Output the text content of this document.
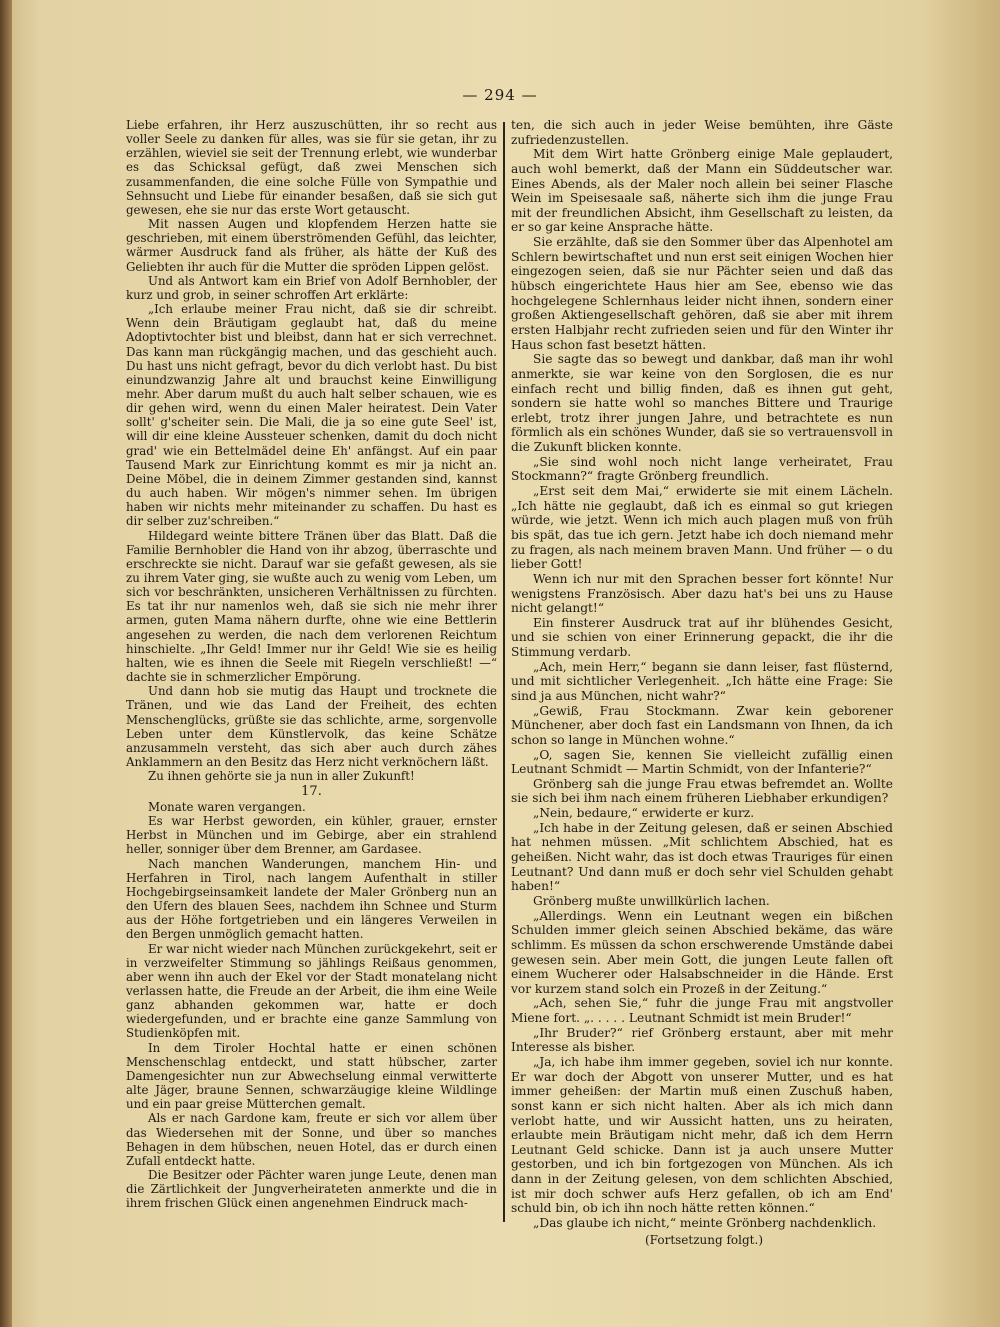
— 294 —

Liebe erfahren, ihr Herz auszuschütten, ihr so recht aus voller Seele zu danken für alles, was sie für sie getan, ihr zu erzählen, wieviel sie seit der Trennung erlebt, wie wunderbar es das Schicksal gefügt, daß zwei Menschen sich zusammenfanden, die eine solche Fülle von Sympathie und Sehnsucht und Liebe für einander besaßen, daß sie sich gut gewesen, ehe sie nur das erste Wort getauscht.

Mit nassen Augen und klopfendem Herzen hatte sie geschrieben, mit einem überströmenden Gefühl, das leichter, wärmer Ausdruck fand als früher, als hätte der Kuß des Geliebten ihr auch für die Mutter die spröden Lippen gelöst.

Und als Antwort kam ein Brief von Adolf Bernhobler, der kurz und grob, in seiner schroffen Art erklärte:

„Ich erlaube meiner Frau nicht, daß sie dir schreibt. Wenn dein Bräutigam geglaubt hat, daß du meine Adoptivtochter bist und bleibst, dann hat er sich verrechnet. Das kann man rückgängig machen, und das geschieht auch. Du hast uns nicht gefragt, bevor du dich verlobt hast. Du bist einundzwanzig Jahre alt und brauchst keine Einwilligung mehr. Aber darum mußt du auch halt selber schauen, wie es dir gehen wird, wenn du einen Maler heiratest. Dein Vater sollt' g'scheiter sein. Die Mali, die ja so eine gute Seel' ist, will dir eine kleine Aussteuer schenken, damit du doch nicht grad' wie ein Bettelmädel deine Eh' anfängst. Auf ein paar Tausend Mark zur Einrichtung kommt es mir ja nicht an. Deine Möbel, die in deinem Zimmer gestanden sind, kannst du auch haben. Wir mögen's nimmer sehen. Im übrigen haben wir nichts mehr miteinander zu schaffen. Du hast es dir selber zuz'schreiben.“

Hildegard weinte bittere Tränen über das Blatt. Daß die Familie Bernhobler die Hand von ihr abzog, überraschte und erschreckte sie nicht. Darauf war sie gefaßt gewesen, als sie zu ihrem Vater ging, sie wußte auch zu wenig vom Leben, um sich vor beschränkten, unsicheren Verhältnissen zu fürchten. Es tat ihr nur namenlos weh, daß sie sich nie mehr ihrer armen, guten Mama nähern durfte, ohne wie eine Bettlerin angesehen zu werden, die nach dem verlorenen Reichtum hinschielte. „Ihr Geld! Immer nur ihr Geld! Wie sie es heilig halten, wie es ihnen die Seele mit Riegeln verschließt! —“ dachte sie in schmerzlicher Empörung.

Und dann hob sie mutig das Haupt und trocknete die Tränen, und wie das Land der Freiheit, des echten Menschenglücks, grüßte sie das schlichte, arme, sorgenvolle Leben unter dem Künstlervolk, das keine Schätze anzusammeln versteht, das sich aber auch durch zähes Anklammern an den Besitz das Herz nicht verknöchern läßt.

Zu ihnen gehörte sie ja nun in aller Zukunft!

17.

Monate waren vergangen.

Es war Herbst geworden, ein kühler, grauer, ernster Herbst in München und im Gebirge, aber ein strahlend heller, sonniger über dem Brenner, am Gardasee.

Nach manchen Wanderungen, manchem Hin- und Herfahren in Tirol, nach langem Aufenthalt in stiller Hochgebirgseinsamkeit landete der Maler Grönberg nun an den Ufern des blauen Sees, nachdem ihn Schnee und Sturm aus der Höhe fortgetrieben und ein längeres Verweilen in den Bergen unmöglich gemacht hatten.

Er war nicht wieder nach München zurückgekehrt, seit er in verzweifelter Stimmung so jählings Reißaus genommen, aber wenn ihn auch der Ekel vor der Stadt monatelang nicht verlassen hatte, die Freude an der Arbeit, die ihm eine Weile ganz abhanden gekommen war, hatte er doch wiedergefunden, und er brachte eine ganze Sammlung von Studienköpfen mit.

In dem Tiroler Hochtal hatte er einen schönen Menschenschlag entdeckt, und statt hübscher, zarter Damengesichter nun zur Abwechselung einmal verwitterte alte Jäger, braune Sennen, schwarzäugige kleine Wildlinge und ein paar greise Mütterchen gemalt.

Als er nach Gardone kam, freute er sich vor allem über das Wiedersehen mit der Sonne, und über so manches Behagen in dem hübschen, neuen Hotel, das er durch einen Zufall entdeckt hatte.

Die Besitzer oder Pächter waren junge Leute, denen man die Zärtlichkeit der Jungverheirateten anmerkte und die in ihrem frischen Glück einen angenehmen Eindruck mach-

ten, die sich auch in jeder Weise bemühten, ihre Gäste zufriedenzustellen.

Mit dem Wirt hatte Grönberg einige Male geplaudert, auch wohl bemerkt, daß der Mann ein Süddeutscher war. Eines Abends, als der Maler noch allein bei seiner Flasche Wein im Speisesaale saß, näherte sich ihm die junge Frau mit der freundlichen Absicht, ihm Gesellschaft zu leisten, da er so gar keine Ansprache hätte.

Sie erzählte, daß sie den Sommer über das Alpenhotel am Schlern bewirtschaftet und nun erst seit einigen Wochen hier eingezogen seien, daß sie nur Pächter seien und daß das hübsch eingerichtete Haus hier am See, ebenso wie das hochgelegene Schlernhaus leider nicht ihnen, sondern einer großen Aktiengesellschaft gehören, daß sie aber mit ihrem ersten Halbjahr recht zufrieden seien und für den Winter ihr Haus schon fast besetzt hätten.

Sie sagte das so bewegt und dankbar, daß man ihr wohl anmerkte, sie war keine von den Sorglosen, die es nur einfach recht und billig finden, daß es ihnen gut geht, sondern sie hatte wohl so manches Bittere und Traurige erlebt, trotz ihrer jungen Jahre, und betrachtete es nun förmlich als ein schönes Wunder, daß sie so vertrauensvoll in die Zukunft blicken konnte.

„Sie sind wohl noch nicht lange verheiratet, Frau Stockmann?“ fragte Grönberg freundlich.

„Erst seit dem Mai,“ erwiderte sie mit einem Lächeln. „Ich hätte nie geglaubt, daß ich es einmal so gut kriegen würde, wie jetzt. Wenn ich mich auch plagen muß von früh bis spät, das tue ich gern. Jetzt habe ich doch niemand mehr zu fragen, als nach meinem braven Mann. Und früher — o du lieber Gott!

Wenn ich nur mit den Sprachen besser fort könnte! Nur wenigstens Französisch. Aber dazu hat's bei uns zu Hause nicht gelangt!“

Ein finsterer Ausdruck trat auf ihr blühendes Gesicht, und sie schien von einer Erinnerung gepackt, die ihr die Stimmung verdarb.

„Ach, mein Herr,“ begann sie dann leiser, fast flüsternd, und mit sichtlicher Verlegenheit. „Ich hätte eine Frage: Sie sind ja aus München, nicht wahr?“

„Gewiß, Frau Stockmann. Zwar kein geborener Münchener, aber doch fast ein Landsmann von Ihnen, da ich schon so lange in München wohne.“

„O, sagen Sie, kennen Sie vielleicht zufällig einen Leutnant Schmidt — Martin Schmidt, von der Infanterie?“

Grönberg sah die junge Frau etwas befremdet an. Wollte sie sich bei ihm nach einem früheren Liebhaber erkundigen?

„Nein, bedaure,“ erwiderte er kurz.

„Ich habe in der Zeitung gelesen, daß er seinen Abschied hat nehmen müssen. „Mit schlichtem Abschied, hat es geheißen. Nicht wahr, das ist doch etwas Trauriges für einen Leutnant? Und dann muß er doch sehr viel Schulden gehabt haben!“

Grönberg mußte unwillkürlich lachen.

„Allerdings. Wenn ein Leutnant wegen ein bißchen Schulden immer gleich seinen Abschied bekäme, das wäre schlimm. Es müssen da schon erschwerende Umstände dabei gewesen sein. Aber mein Gott, die jungen Leute fallen oft einem Wucherer oder Halsabschneider in die Hände. Erst vor kurzem stand solch ein Prozeß in der Zeitung.“

„Ach, sehen Sie,“ fuhr die junge Frau mit angstvoller Miene fort. „. . . . . Leutnant Schmidt ist mein Bruder!“

„Ihr Bruder?“ rief Grönberg erstaunt, aber mit mehr Interesse als bisher.

„Ja, ich habe ihm immer gegeben, soviel ich nur konnte. Er war doch der Abgott von unserer Mutter, und es hat immer geheißen: der Martin muß einen Zuschuß haben, sonst kann er sich nicht halten. Aber als ich mich dann verlobt hatte, und wir Aussicht hatten, uns zu heiraten, erlaubte mein Bräutigam nicht mehr, daß ich dem Herrn Leutnant Geld schicke. Dann ist ja auch unsere Mutter gestorben, und ich bin fortgezogen von München. Als ich dann in der Zeitung gelesen, von dem schlichten Abschied, ist mir doch schwer aufs Herz gefallen, ob ich am End' schuld bin, ob ich ihn noch hätte retten können.“

„Das glaube ich nicht,“ meinte Grönberg nachdenklich.

(Fortsetzung folgt.)
